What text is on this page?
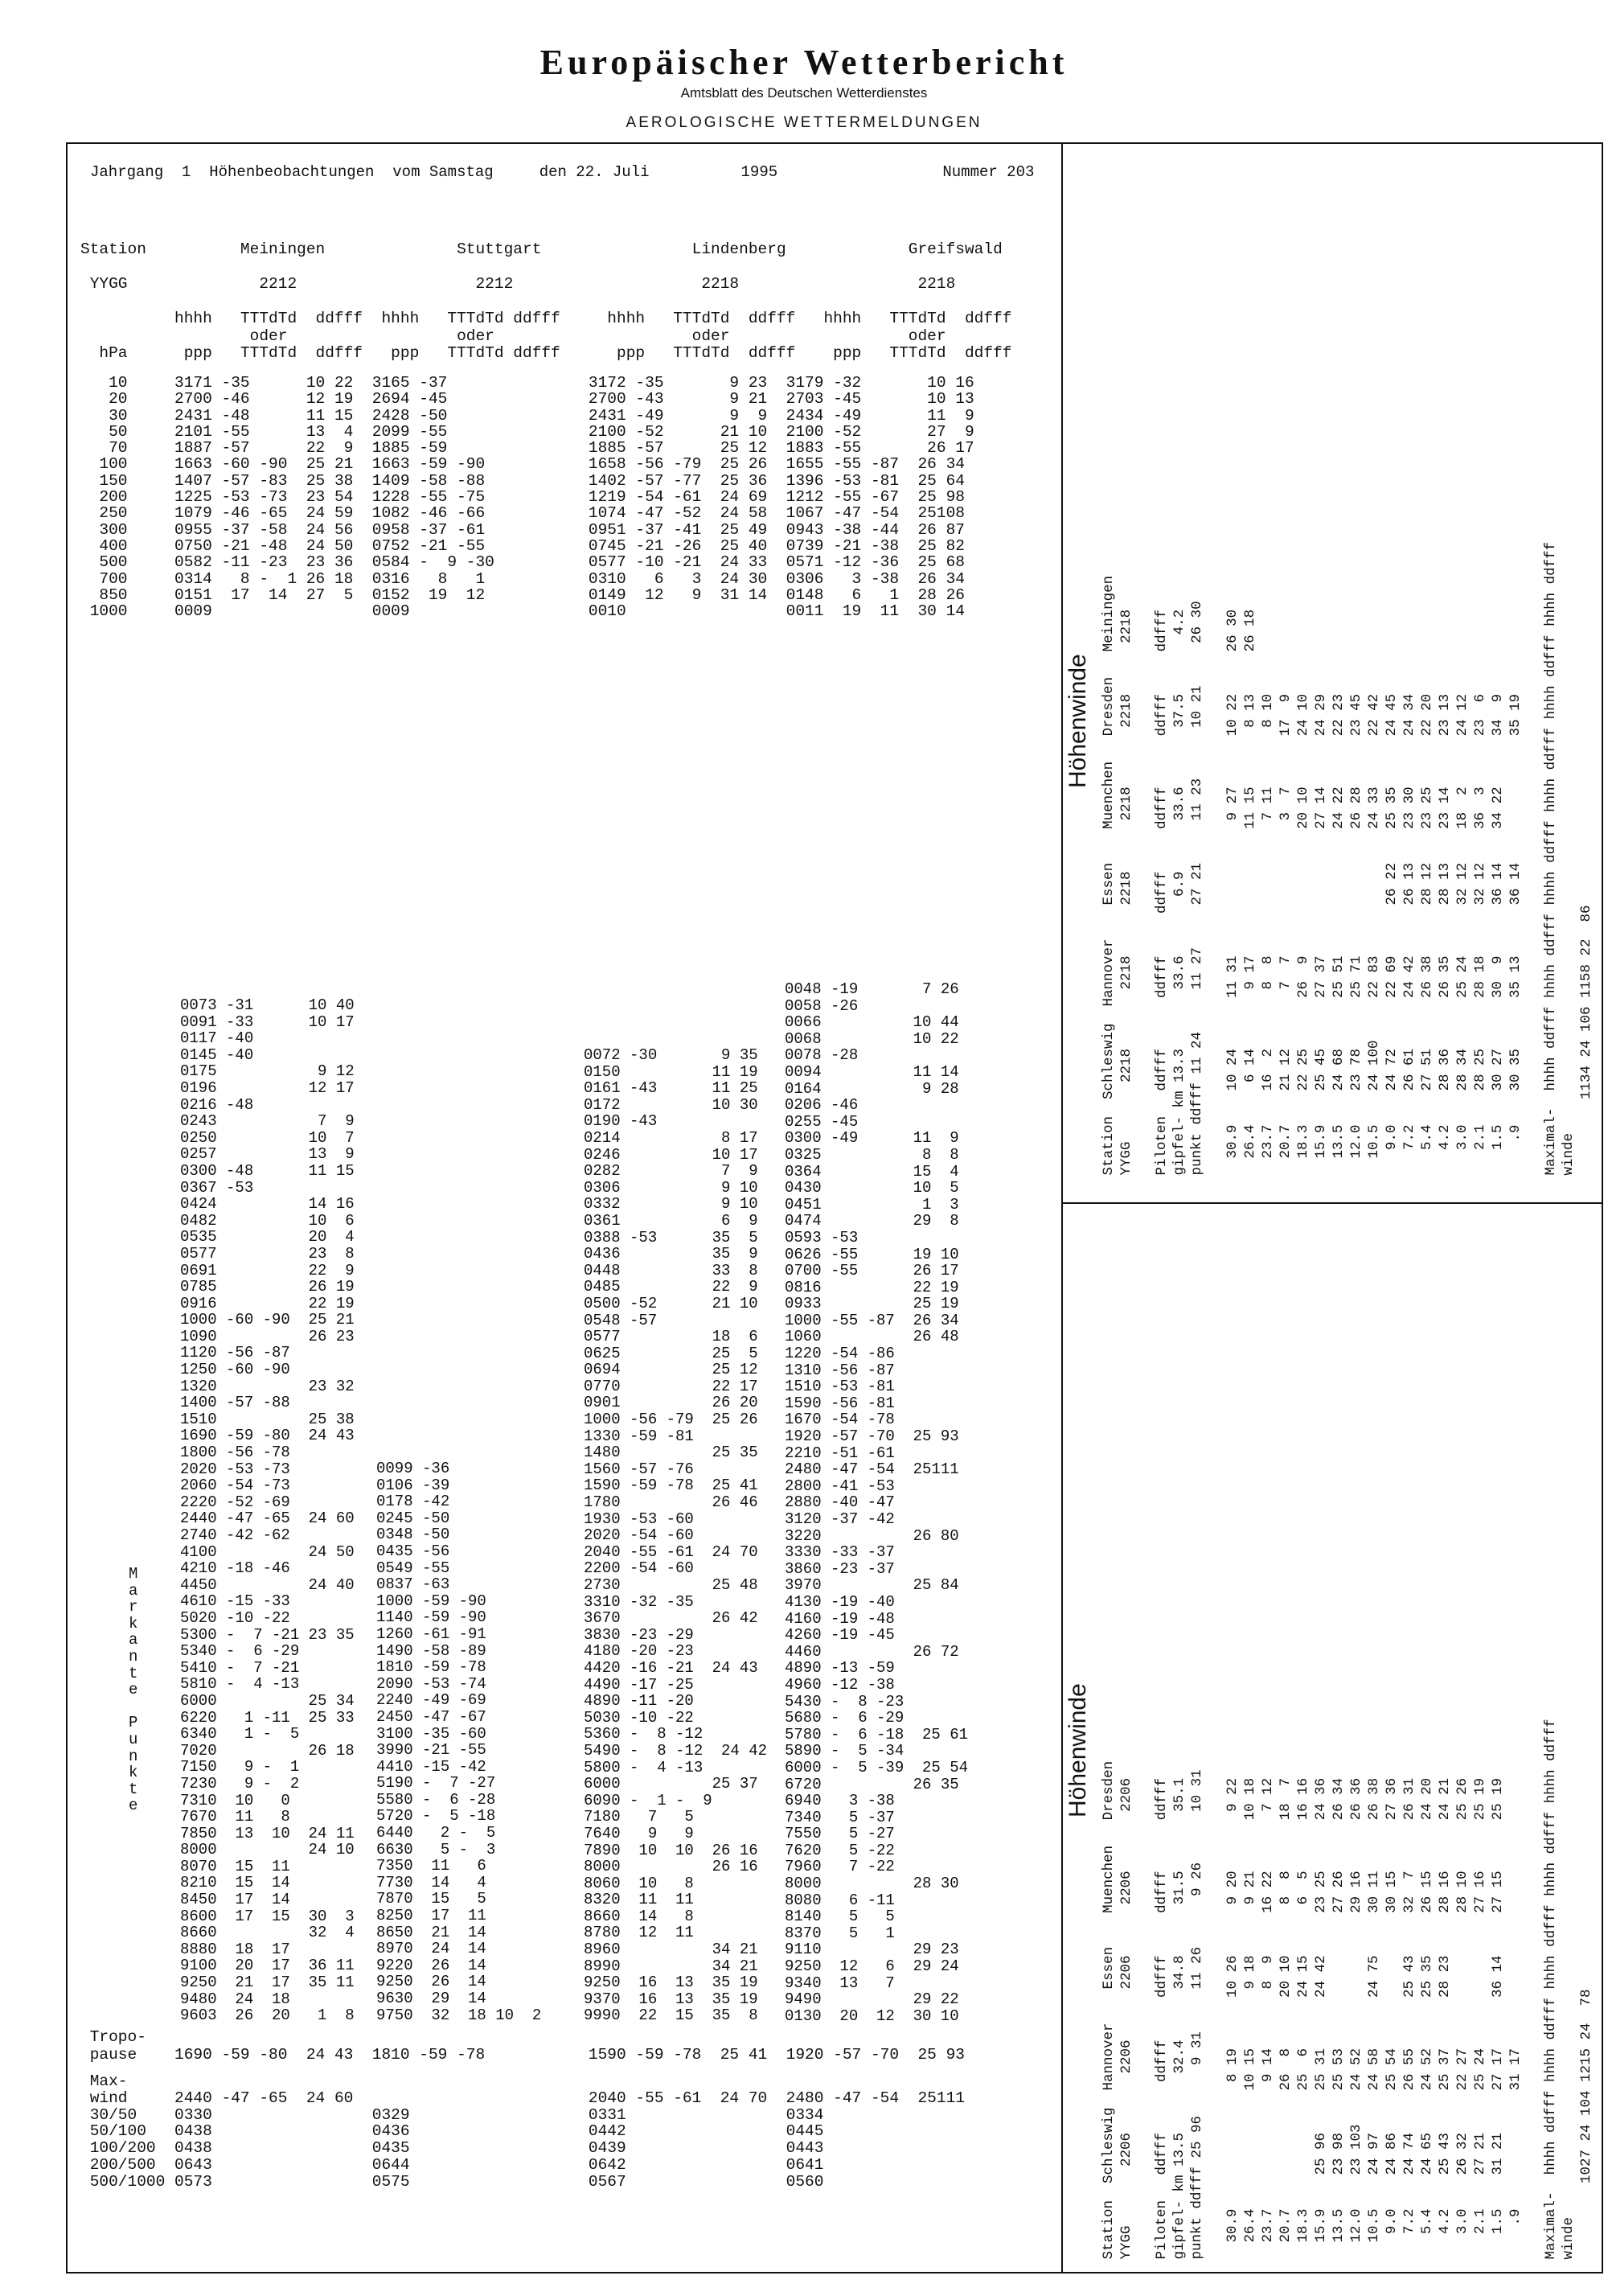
Europäischer Wetterbericht
Amtsblatt des Deutschen Wetterdienstes
AEROLOGISCHE WETTERMELDUNGEN
Jahrgang  1  Höhenbeobachtungen  vom Samstag     den 22. Juli          1995                  Nummer 203
Station          Meiningen              Stuttgart                Lindenberg             Greifswald

YYGG              2212                   2212                    2218                   2218

hhhh   TTTdTd  ddfff  hhhh   TTTdTd ddfff     hhhh   TTTdTd  ddfff   hhhh   TTTdTd  ddfff
oder                  oder                     oder                   oder
hPa      ppp   TTTdTd  ddfff   ppp   TTTdTd ddfff      ppp   TTTdTd  ddfff    ppp   TTTdTd  ddfff
10     3171 -35      10 22  3165 -37               3172 -35       9 23  3179 -32       10 16
20     2700 -46      12 19  2694 -45               2700 -43       9 21  2703 -45       10 13
30     2431 -48      11 15  2428 -50               2431 -49       9  9  2434 -49       11  9
50     2101 -55      13  4  2099 -55               2100 -52      21 10  2100 -52       27  9
70     1887 -57      22  9  1885 -59               1885 -57      25 12  1883 -55       26 17
100     1663 -60 -90  25 21  1663 -59 -90           1658 -56 -79  25 26  1655 -55 -87  26 34
150     1407 -57 -83  25 38  1409 -58 -88           1402 -57 -77  25 36  1396 -53 -81  25 64
200     1225 -53 -73  23 54  1228 -55 -75           1219 -54 -61  24 69  1212 -55 -67  25 98
250     1079 -46 -65  24 59  1082 -46 -66           1074 -47 -52  24 58  1067 -47 -54  25108
300     0955 -37 -58  24 56  0958 -37 -61           0951 -37 -41  25 49  0943 -38 -44  26 87
400     0750 -21 -48  24 50  0752 -21 -55           0745 -21 -26  25 40  0739 -21 -38  25 82
500     0582 -11 -23  23 36  0584 -  9 -30          0577 -10 -21  24 33  0571 -12 -36  25 68
700     0314   8 -  1 26 18  0316   8   1           0310   6   3  24 30  0306   3 -38  26 34
850     0151  17  14  27  5  0152  19  12           0149  12   9  31 14  0148   6   1  28 26
1000     0009                 0009                   0010                 0011  19  11  30 14
M
a
r
k
a
n
t
e

P
u
n
k
t
e
0073 -31      10 40
0091 -33      10 17
0117 -40
0145 -40
0175           9 12
0196          12 17
0216 -48
0243           7  9
0250          10  7
0257          13  9
0300 -48      11 15
0367 -53
0424          14 16
0482          10  6
0535          20  4
0577          23  8
0691          22  9
0785          26 19
0916          22 19
1000 -60 -90  25 21
1090          26 23
1120 -56 -87
1250 -60 -90
1320          23 32
1400 -57 -88
1510          25 38
1690 -59 -80  24 43
1800 -56 -78
2020 -53 -73
2060 -54 -73
2220 -52 -69
2440 -47 -65  24 60
2740 -42 -62
4100          24 50
4210 -18 -46
4450          24 40
4610 -15 -33
5020 -10 -22
5300 -  7 -21 23 35
5340 -  6 -29
5410 -  7 -21
5810 -  4 -13
6000          25 34
6220   1 -11  25 33
6340   1 -  5
7020          26 18
7150   9 -  1
7230   9 -  2
7310  10   0
7670  11   8
7850  13  10  24 11
8000          24 10
8070  15  11
8210  15  14
8450  17  14
8600  17  15  30  3
8660          32  4
8880  18  17
9100  20  17  36 11
9250  21  17  35 11
9480  24  18
9603  26  20   1  8
0099 -36
0106 -39
0178 -42
0245 -50
0348 -50
0435 -56
0549 -55
0837 -63
1000 -59 -90
1140 -59 -90
1260 -61 -91
1490 -58 -89
1810 -59 -78
2090 -53 -74
2240 -49 -69
2450 -47 -67
3100 -35 -60
3990 -21 -55
4410 -15 -42
5190 -  7 -27
5580 -  6 -28
5720 -  5 -18
6440   2 -  5
6630   5 -  3
7350  11   6
7730  14   4
7870  15   5
8250  17  11
8650  21  14
8970  24  14
9220  26  14
9250  26  14
9630  29  14
9750  32  18 10  2
0072 -30       9 35
0150          11 19
0161 -43      11 25
0172          10 30
0190 -43
0214           8 17
0246          10 17
0282           7  9
0306           9 10
0332           9 10
0361           6  9
0388 -53      35  5
0436          35  9
0448          33  8
0485          22  9
0500 -52      21 10
0548 -57
0577          18  6
0625          25  5
0694          25 12
0770          22 17
0901          26 20
1000 -56 -79  25 26
1330 -59 -81
1480          25 35
1560 -57 -76
1590 -59 -78  25 41
1780          26 46
1930 -53 -60
2020 -54 -60
2040 -55 -61  24 70
2200 -54 -60
2730          25 48
3310 -32 -35
3670          26 42
3830 -23 -29
4180 -20 -23
4420 -16 -21  24 43
4490 -17 -25
4890 -11 -20
5030 -10 -22
5360 -  8 -12
5490 -  8 -12  24 42
5800 -  4 -13
6000          25 37
6090 -  1 -  9
7180   7   5
7640   9   9
7890  10  10  26 16
8000          26 16
8060  10   8
8320  11  11
8660  14   8
8780  12  11
8960          34 21
8990          34 21
9250  16  13  35 19
9370  16  13  35 19
9990  22  15  35  8
0048 -19       7 26
0058 -26
0066          10 44
0068          10 22
0078 -28
0094          11 14
0164           9 28
0206 -46
0255 -45
0300 -49      11  9
0325           8  8
0364          15  4
0430          10  5
0451           1  3
0474          29  8
0593 -53
0626 -55      19 10
0700 -55      26 17
0816          22 19
0933          25 19
1000 -55 -87  26 34
1060          26 48
1220 -54 -86
1310 -56 -87
1510 -53 -81
1590 -56 -81
1670 -54 -78
1920 -57 -70  25 93
2210 -51 -61
2480 -47 -54  25111
2800 -41 -53
2880 -40 -47
3120 -37 -42
3220          26 80
3330 -33 -37
3860 -23 -37
3970          25 84
4130 -19 -40
4160 -19 -48
4260 -19 -45
4460          26 72
4890 -13 -59
4960 -12 -38
5430 -  8 -23
5680 -  6 -29
5780 -  6 -18  25 61
5890 -  5 -34
6000 -  5 -39  25 54
6720          26 35
6940   3 -38
7340   5 -37
7550   5 -27
7620   5 -22
7960   7 -22
8000          28 30
8080   6 -11
8140   5   5
8370   5   1
9110          29 23
9250  12   6  29 24
9340  13   7
9490          29 22
0130  20  12  30 10
Tropo-
pause    1690 -59 -80  24 43  1810 -59 -78           1590 -59 -78  25 41  1920 -57 -70  25 93
Max-
wind     2440 -47 -65  24 60                         2040 -55 -61  24 70  2480 -47 -54  25111
30/50    0330                 0329                   0331                 0334
50/100   0438                 0436                   0442                 0445
100/200  0438                 0435                   0439                 0443
200/500  0643                 0644                   0642                 0641
500/1000 0573                 0575                   0567                 0560
Höhenwinde
Höhenwinde
Station  Schleswig  Hannover    Essen    Muenchen   Dresden   Meiningen
YYGG       2218       2218      2218      2218       2218      2218

Piloten   ddfff      ddfff     ddfff     ddfff      ddfff     ddfff
gipfel- km 13.3       33.6       6.9      33.6       37.5       4.2
punkt ddfff 11 24     11 27     27 21     11 23      10 21     26 30

30.9    10 24      11 31                9 27      10 22     26 30
26.4     6 14       9 17               11 15       8 13     26 18
23.7    16  2       8  8                7 11       8 10
20.7    21 12       7  7                3  7      17  9
18.3    22 25      26  9               20 10      24 10
15.9    25 45      27 37               27 14      24 29
13.5    24 68      25 51               24 22      22 23
12.0    23 78      25 71               26 28      23 45
10.5    24 100     22 83               24 33      22 42
9.0    24 72      22 69      26 22    25 35      24 45
7.2    26 61      24 42      26 13    23 30      24 34
5.4    27 51      26 38      28 12    23 25      22 20
4.2    28 36      26 35      28 13    23 14      23 13
3.0    28 34      25 24      32 12    18  2      24 12
2.1    28 25      28 18      32 12    36  3      23  6
1.5    30 27      30  9      36 14    34 22      34  9
.9    30 35      35 13      36 14               35 19

Maximal-  hhhh ddfff hhhh ddfff hhhh ddfff hhhh ddfff hhhh ddfff hhhh ddfff
winde
1134 24 106 1158 22  86
Station  Schleswig  Hannover    Essen    Muenchen   Dresden
YYGG       2206       2206      2206      2206       2206

Piloten   ddfff      ddfff     ddfff     ddfff      ddfff
gipfel- km 13.5       32.4      34.8      31.5       35.1
punkt ddfff 25 96      9 31     11 26      9 26      10 31

30.9               8 19      10 26      9 20       9 22
26.4              10 15       9 18      9 21      10 18
23.7               9 14       8  9     16 22       7 12
20.7              26  8      20 10      8  8      18  7
18.3              25  6      24 15      6  5      16 16
15.9    25 96     25 31      24 42     23 25      24 36
13.5    23 98     25 53                27 26      26 34
12.0    23 103    24 52                29 16      26 36
10.5    24 97     24 58      24 75     30 11      26 38
9.0    24 86     25 54                30 15      27 36
7.2    24 74     26 55      25 43     32  7      26 31
5.4    24 65     24 52      25 35     26 15      24 20
4.2    25 43     25 37      28 23     28 16      24 21
3.0    26 32     22 27                28 10      25 26
2.1    27 21     25 24                27 16      25 19
1.5    31 21     27 17      36 14     27 15      25 19
.9              31 17

Maximal-  hhhh ddfff hhhh ddfff hhhh ddfff hhhh ddfff hhhh ddfff
winde
1027 24 104 1215 24  78
